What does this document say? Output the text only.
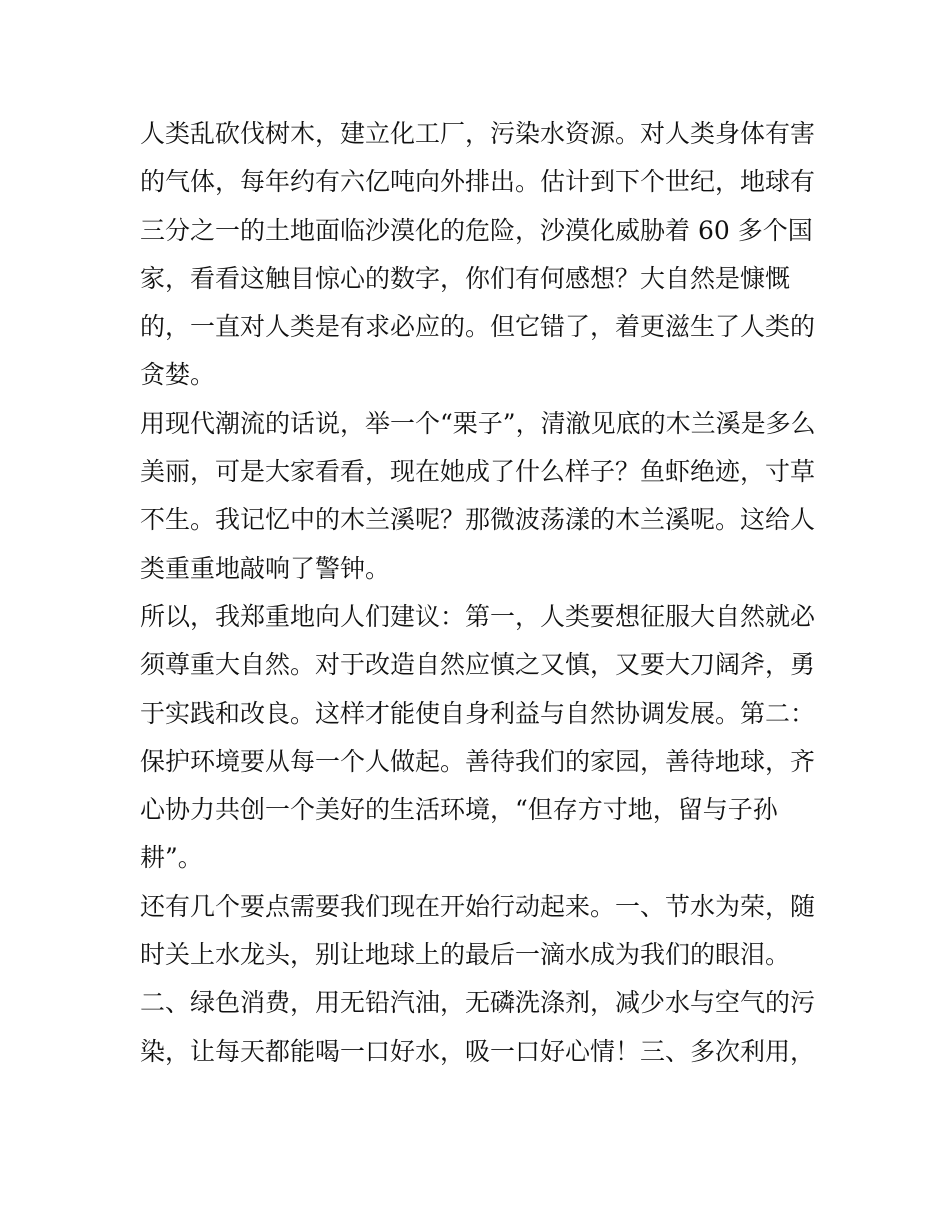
人类乱砍伐树木，建立化工厂，污染水资源。对人类身体有害
的气体，每年约有六亿吨向外排出。估计到下个世纪，地球有
三分之一的土地面临沙漠化的危险，沙漠化威胁着 60 多个国
家，看看这触目惊心的数字，你们有何感想？大自然是慷慨
的，一直对人类是有求必应的。但它错了，着更滋生了人类的
贪婪。

用现代潮流的话说，举一个“栗子”，清澈见底的木兰溪是多么
美丽，可是大家看看，现在她成了什么样子？鱼虾绝迹，寸草
不生。我记忆中的木兰溪呢？那微波荡漾的木兰溪呢。这给人
类重重地敲响了警钟。

所以，我郑重地向人们建议：第一，人类要想征服大自然就必
须尊重大自然。对于改造自然应慎之又慎，又要大刀阔斧，勇
于实践和改良。这样才能使自身利益与自然协调发展。第二：
保护环境要从每一个人做起。善待我们的家园，善待地球，齐
心协力共创一个美好的生活环境，“但存方寸地，留与子孙
耕”。

还有几个要点需要我们现在开始行动起来。一、节水为荣，随
时关上水龙头，别让地球上的最后一滴水成为我们的眼泪。
二、绿色消费，用无铅汽油，无磷洗涤剂，减少水与空气的污
染，让每天都能喝一口好水，吸一口好心情！三、多次利用，
